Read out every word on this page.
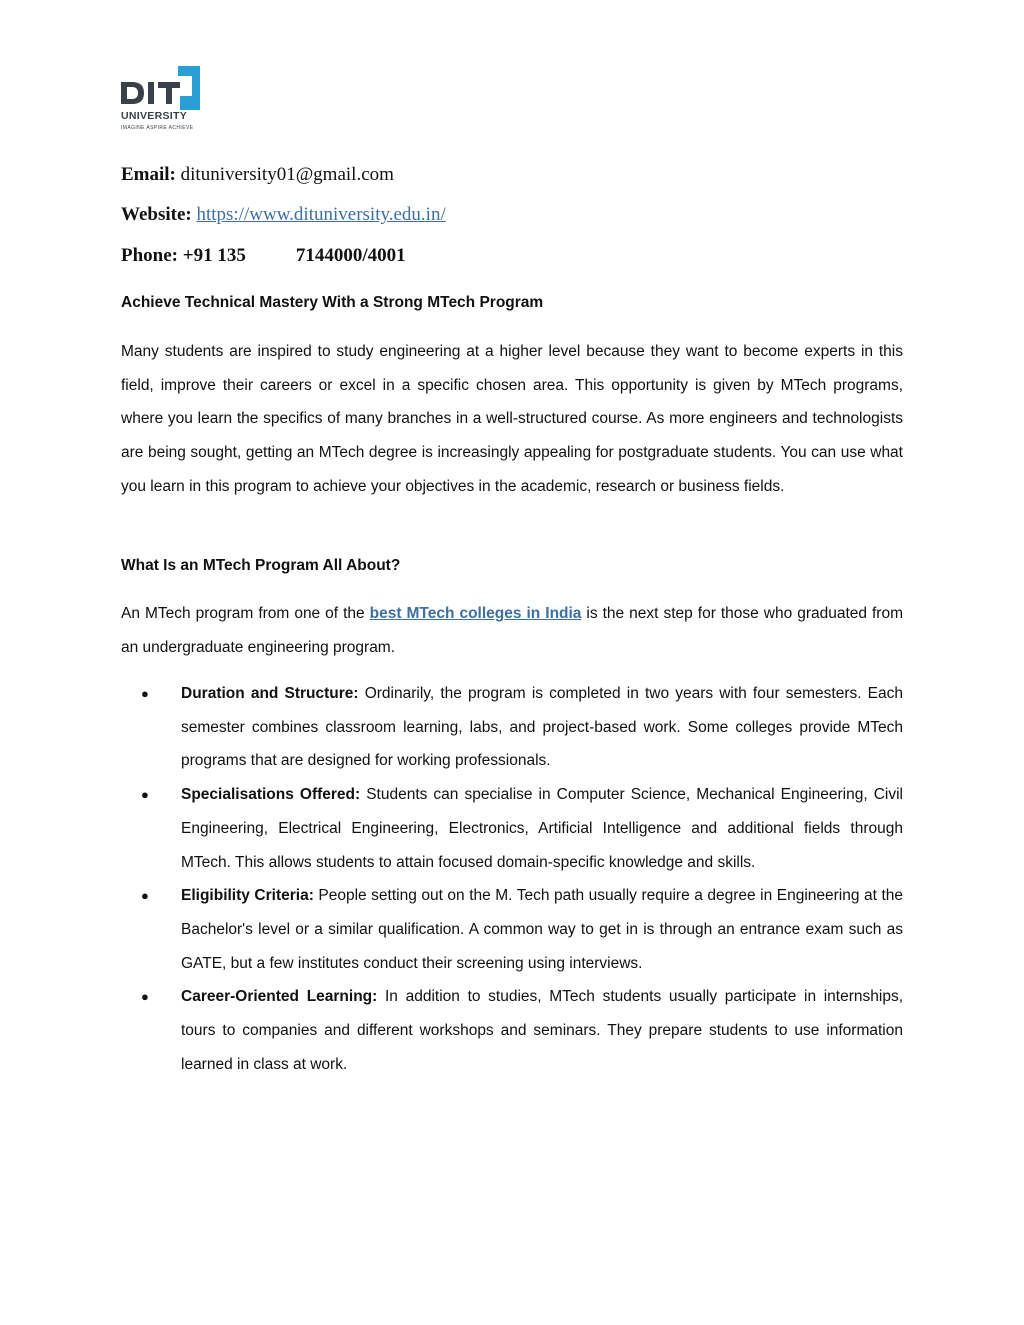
UNIVERSITY
IMAGINE ASPIRE ACHIEVE
Email: dituniversity01@gmail.com
Website: https://www.dituniversity.edu.in/
Phone: +91 135	7144000/4001
Achieve Technical Mastery With a Strong MTech Program

Many students are inspired to study engineering at a higher level because they want to become experts in this field, improve their careers or excel in a specific chosen area. This opportunity is given by MTech programs, where you learn the specifics of many branches in a well-structured course. As more engineers and technologists are being sought, getting an MTech degree is increasingly appealing for postgraduate students. You can use what you learn in this program to achieve your objectives in the academic, research or business fields.

What Is an MTech Program All About?

An MTech program from one of the best MTech colleges in India is the next step for those who graduated from an undergraduate engineering program.

● Duration and Structure: Ordinarily, the program is completed in two years with four semesters. Each semester combines classroom learning, labs, and project-based work. Some colleges provide MTech programs that are designed for working professionals.
● Specialisations Offered: Students can specialise in Computer Science, Mechanical Engineering, Civil Engineering, Electrical Engineering, Electronics, Artificial Intelligence and additional fields through MTech. This allows students to attain focused domain-specific knowledge and skills.
● Eligibility Criteria: People setting out on the M. Tech path usually require a degree in Engineering at the Bachelor's level or a similar qualification. A common way to get in is through an entrance exam such as GATE, but a few institutes conduct their screening using interviews.
● Career-Oriented Learning: In addition to studies, MTech students usually participate in internships, tours to companies and different workshops and seminars. They prepare students to use information learned in class at work.
